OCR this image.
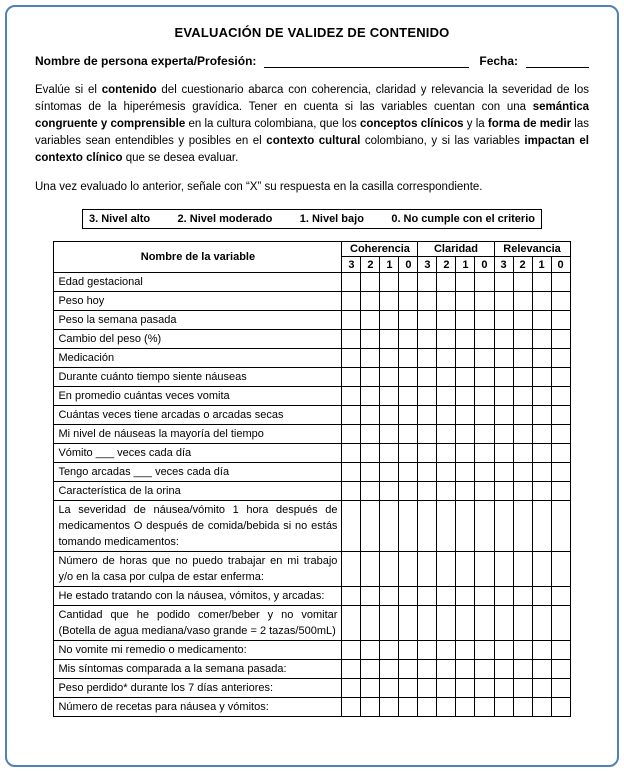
EVALUACIÓN DE VALIDEZ DE CONTENIDO
Nombre de persona experta/Profesión:	Fecha:

Evalúe si el contenido del cuestionario abarca con coherencia, claridad y relevancia la severidad de los síntomas de la hiperémesis gravídica. Tener en cuenta si las variables cuentan con una semántica congruente y comprensible en la cultura colombiana, que los conceptos clínicos y la forma de medir las variables sean entendibles y posibles en el contexto cultural colombiano, y si las variables impactan el contexto clínico que se desea evaluar.

Una vez evaluado lo anterior, señale con “X” su respuesta en la casilla correspondiente.

3. Nivel alto 2. Nivel moderado 1. Nivel bajo 0. No cumple con el criterio
Nombre de la variable	Coherencia				Claridad				Relevancia			
	3	2	1	0	3	2	1	0	3	2	1	0
Edad gestacional												
Peso hoy												
Peso la semana pasada												
Cambio del peso (%)												
Medicación												
Durante cuánto tiempo siente náuseas												
En promedio cuántas veces vomita												
Cuántas veces tiene arcadas o arcadas secas												
Mi nivel de náuseas la mayoría del tiempo												
Vómito ___ veces cada día												
Tengo arcadas ___ veces cada día												
Característica de la orina												
La severidad de náusea/vómito 1 hora después de medicamentos O después de comida/bebida si no estás tomando medicamentos:												
Número de horas que no puedo trabajar en mi trabajo y/o en la casa por culpa de estar enferma:												
He estado tratando con la náusea, vómitos, y arcadas:												
Cantidad que he podido comer/beber y no vomitar (Botella de agua mediana/vaso grande = 2 tazas/500mL)												
No vomite mi remedio o medicamento:												
Mis síntomas comparada a la semana pasada:												
Peso perdido* durante los 7 días anteriores:												
Número de recetas para náusea y vómitos:												
